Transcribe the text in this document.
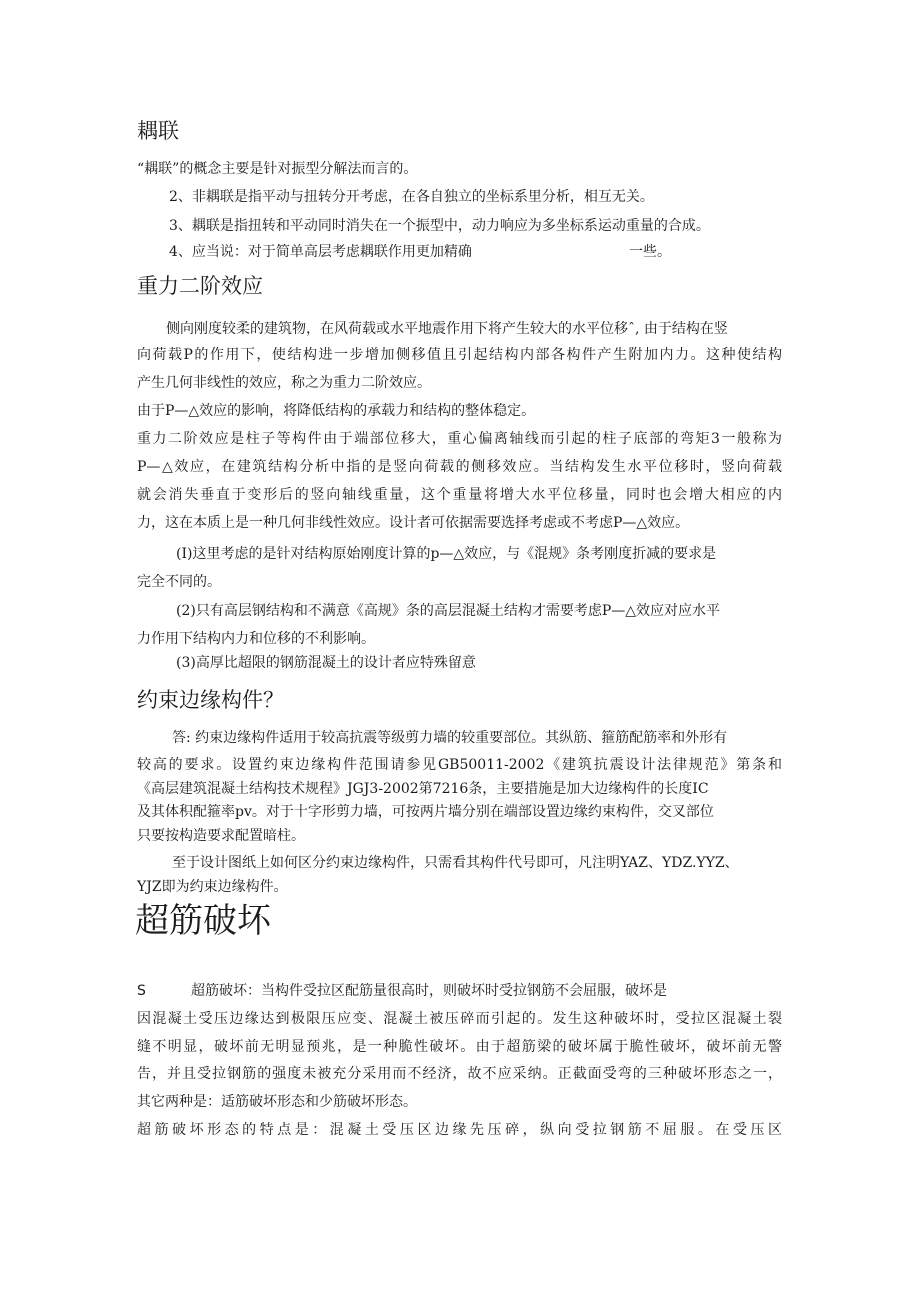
耦联
“耦联”的概念主要是针对振型分解法而言的。
2、非耦联是指平动与扭转分开考虑，在各自独立的坐标系里分析，相互无关。
3、耦联是指扭转和平动同时消失在一个振型中，动力响应为多坐标系运动重量的合成。
4、应当说：对于简单高层考虑耦联作用更加精确	一些。
重力二阶效应
侧向刚度较柔的建筑物，在风荷载或水平地震作用下将产生较大的水平位移ˆ, 由于结构在竖
向荷载P的作用下，使结构进一步增加侧移值且引起结构内部各构件产生附加内力。这种使结构
产生几何非线性的效应，称之为重力二阶效应。
由于P—△效应的影响，将降低结构的承载力和结构的整体稳定。
重力二阶效应是柱子等构件由于端部位移大，重心偏离轴线而引起的柱子底部的弯矩3一般称为
P—△效应，在建筑结构分析中指的是竖向荷载的侧移效应。当结构发生水平位移时，竖向荷载
就会消失垂直于变形后的竖向轴线重量，这个重量将增大水平位移量，同时也会增大相应的内
力，这在本质上是一种几何非线性效应。设计者可依据需要选择考虑或不考虑P—△效应。
(I)这里考虑的是针对结构原始刚度计算的p—△效应，与《混规》条考刚度折减的要求是
完全不同的。
(2)只有高层钢结构和不满意《高规》条的高层混凝土结构才需要考虑P—△效应对应水平
力作用下结构内力和位移的不利影响。
(3)高厚比超限的钢筋混凝土的设计者应特殊留意
约束边缘构件？
答: 约束边缘构件适用于较高抗震等级剪力墙的较重要部位。其纵筋、箍筋配筋率和外形有
较高的要求。设置约束边缘构件范围请参见GB50011-2002《建筑抗震设计法律规范》第条和
《高层建筑混凝土结构技术规程》JGJ3-2002第7216条，主要措施是加大边缘构件的长度IC
及其体积配箍率pv。对于十字形剪力墙，可按两片墙分别在端部设置边缘约束构件，交叉部位
只要按构造要求配置暗柱。
至于设计图纸上如何区分约束边缘构件，只需看其构件代号即可，凡注明YAZ、YDZ.YYZ、
YJZ即为约束边缘构件。
超筋破坏
S	超筋破坏：当构件受拉区配筋量很高时，则破坏时受拉钢筋不会屈服，破坏是
因混凝土受压边缘达到极限压应变、混凝土被压碎而引起的。发生这种破坏时，受拉区混凝土裂
缝不明显，破坏前无明显预兆，是一种脆性破坏。由于超筋梁的破坏属于脆性破坏，破坏前无警
告，并且受拉钢筋的强度未被充分采用而不经济，故不应采纳。正截面受弯的三种破坏形态之一，
其它两种是：适筋破坏形态和少筋破坏形态。
超筋破坏形态的特点是：混凝土受压区边缘先压碎，纵向受拉钢筋不屈服。在受压区
